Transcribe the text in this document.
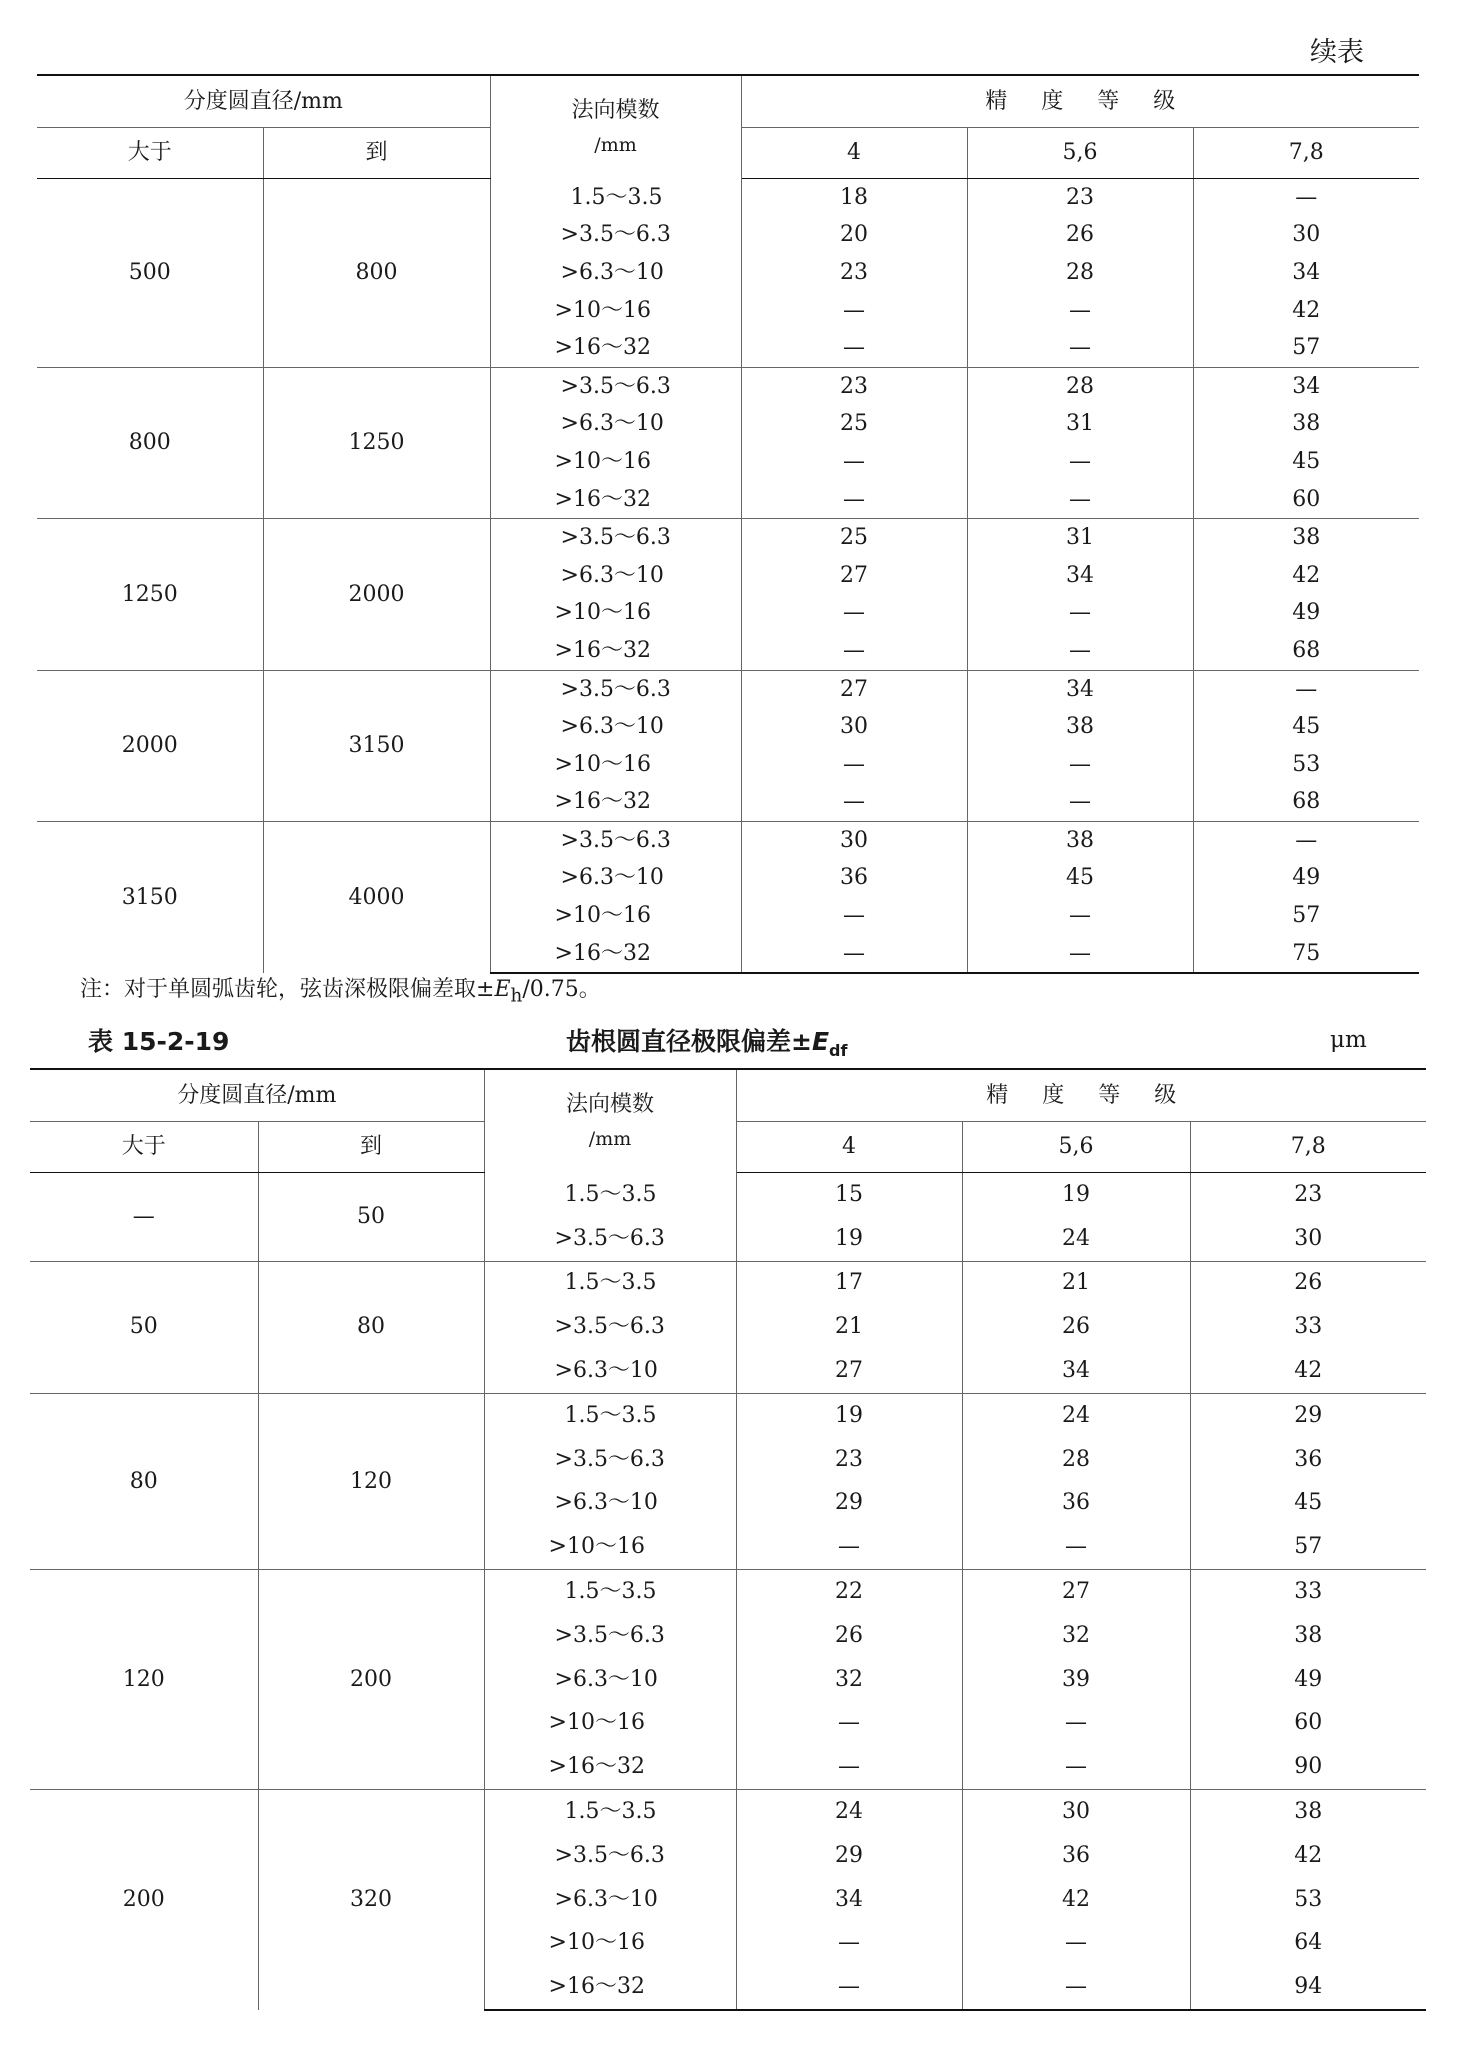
续表
分度圆直径/mm		法向模数
/mm	精度等级		
大于	到		4	5,6	7,8
500	800	1.5～3.5	18	23	—
		>3.5～6.3	20	26	30
		>6.3～10	23	28	34
		>10～16	—	—	42
		>16～32	—	—	57
800	1250	>3.5～6.3	23	28	34
		>6.3～10	25	31	38
		>10～16	—	—	45
		>16～32	—	—	60
1250	2000	>3.5～6.3	25	31	38
		>6.3～10	27	34	42
		>10～16	—	—	49
		>16～32	—	—	68
2000	3150	>3.5～6.3	27	34	—
		>6.3～10	30	38	45
		>10～16	—	—	53
		>16～32	—	—	68
3150	4000	>3.5～6.3	30	38	—
		>6.3～10	36	45	49
		>10～16	—	—	57
		>16～32	—	—	75
注：对于单圆弧齿轮，弦齿深极限偏差取$\pm E_h/0.75$。
表 15-2-19	齿根圆直径极限偏差$\pm E_{df}$	μm
分度圆直径/mm		法向模数
/mm	精度等级		
大于	到		4	5,6	7,8
—	50	1.5～3.5	15	19	23
		>3.5～6.3	19	24	30
50	80	1.5～3.5	17	21	26
		>3.5～6.3	21	26	33
		>6.3～10	27	34	42
80	120	1.5～3.5	19	24	29
		>3.5～6.3	23	28	36
		>6.3～10	29	36	45
		>10～16	—	—	57
120	200	1.5～3.5	22	27	33
		>3.5～6.3	26	32	38
		>6.3～10	32	39	49
		>10～16	—	—	60
		>16～32	—	—	90
200	320	1.5～3.5	24	30	38
		>3.5～6.3	29	36	42
		>6.3～10	34	42	53
		>10～16	—	—	64
		>16～32	—	—	94
